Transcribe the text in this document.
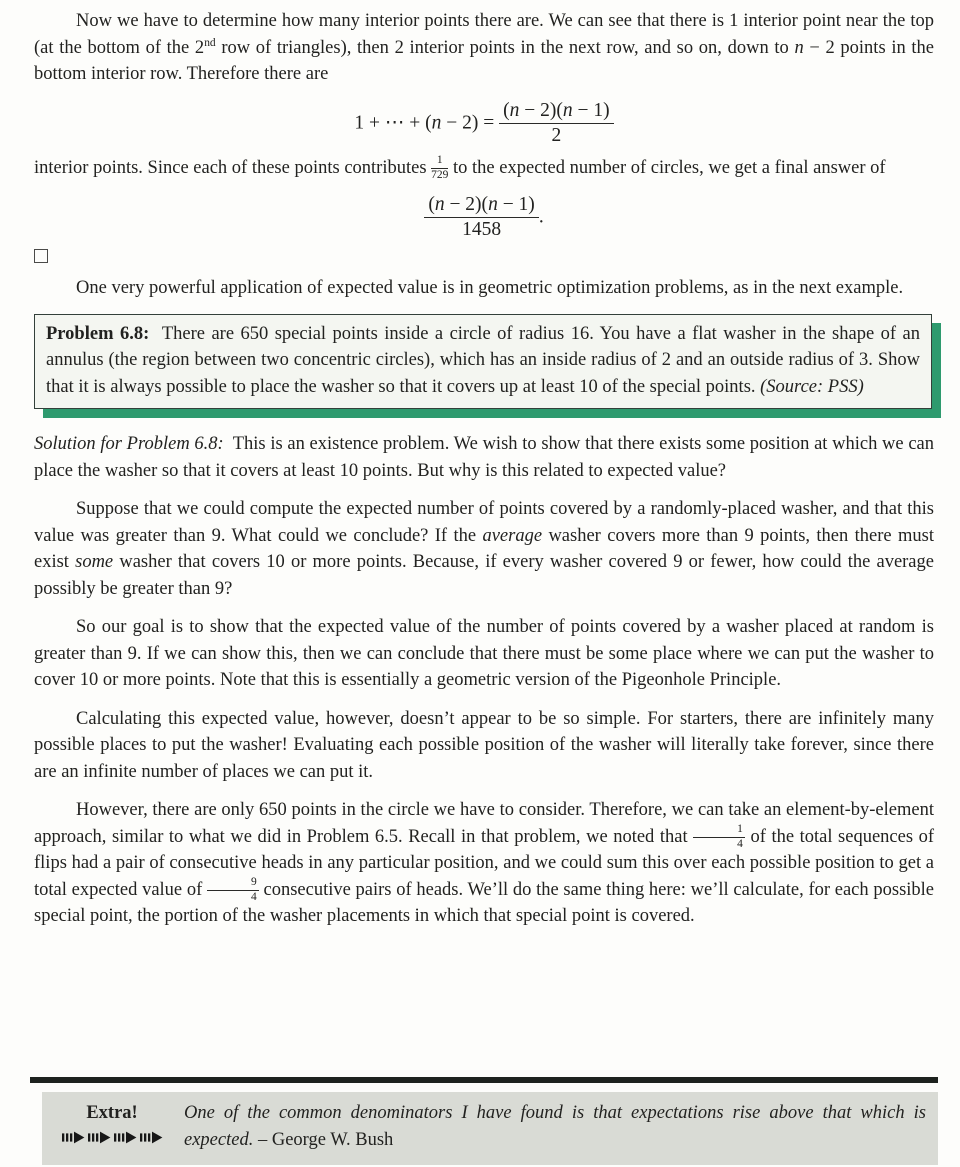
Now we have to determine how many interior points there are. We can see that there is 1 interior point near the top (at the bottom of the 2nd row of triangles), then 2 interior points in the next row, and so on, down to n − 2 points in the bottom interior row. Therefore there are

1 + ⋯ + $(n - 2) = \frac{(n - 2)(n - 1)}{2}$

interior points. Since each of these points contributes $\frac{1}{729}$ to the expected number of circles, we get a final answer of

$\frac{(n - 2)(n - 1)}{1458}$ .

One very powerful application of expected value is in geometric optimization problems, as in the next example.

Problem 6.8:  There are 650 special points inside a circle of radius 16. You have a flat washer in the shape of an annulus (the region between two concentric circles), which has an inside radius of 2 and an outside radius of 3. Show that it is always possible to place the washer so that it covers up at least 10 of the special points. (Source: PSS)

Solution for Problem 6.8:  This is an existence problem. We wish to show that there exists some position at which we can place the washer so that it covers at least 10 points. But why is this related to expected value?

Suppose that we could compute the expected number of points covered by a randomly-placed washer, and that this value was greater than 9. What could we conclude? If the average washer covers more than 9 points, then there must exist some washer that covers 10 or more points. Because, if every washer covered 9 or fewer, how could the average possibly be greater than 9?

So our goal is to show that the expected value of the number of points covered by a washer placed at random is greater than 9. If we can show this, then we can conclude that there must be some place where we can put the washer to cover 10 or more points. Note that this is essentially a geometric version of the Pigeonhole Principle.

Calculating this expected value, however, doesn’t appear to be so simple. For starters, there are infinitely many possible places to put the washer! Evaluating each possible position of the washer will literally take forever, since there are an infinite number of places we can put it.

However, there are only 650 points in the circle we have to consider. Therefore, we can take an element-by-element approach, similar to what we did in Problem 6.5. Recall in that problem, we noted that $\frac{1}{4}$ of the total sequences of flips had a pair of consecutive heads in any particular position, and we could sum this over each possible position to get a total expected value of $\frac{9}{4}$ consecutive pairs of heads. We’ll do the same thing here: we’ll calculate, for each possible special point, the portion of the washer placements in which that special point is covered.

Extra!	One of the common denominators I have found is that expectations rise above that which is expected. – George W. Bush
